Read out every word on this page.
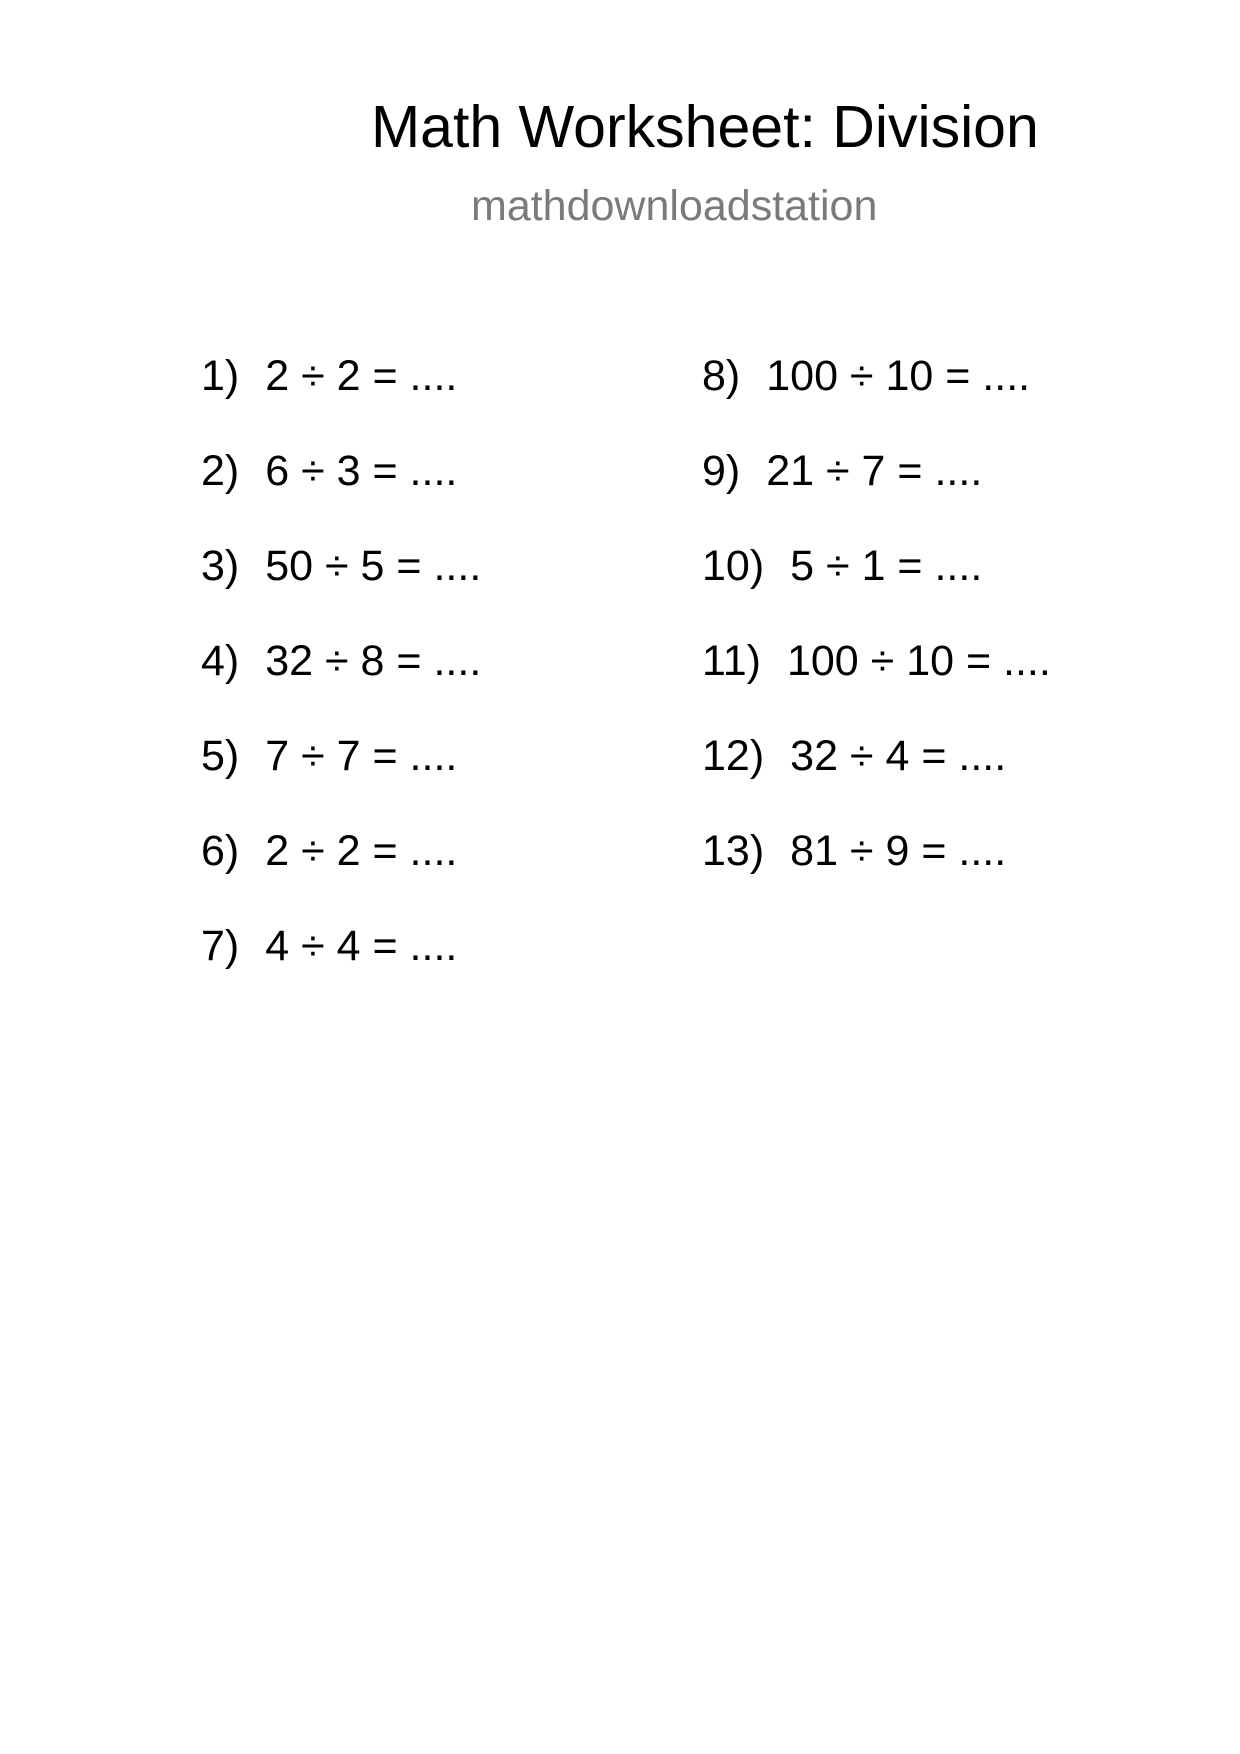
Math Worksheet: Division
mathdownloadstation
1) 2 ÷ 2 = ....
2) 6 ÷ 3 = ....
3) 50 ÷ 5 = ....
4) 32 ÷ 8 = ....
5) 7 ÷ 7 = ....
6) 2 ÷ 2 = ....
7) 4 ÷ 4 = ....
8) 100 ÷ 10 = ....
9) 21 ÷ 7 = ....
10) 5 ÷ 1 = ....
11) 100 ÷ 10 = ....
12) 32 ÷ 4 = ....
13) 81 ÷ 9 = ....
